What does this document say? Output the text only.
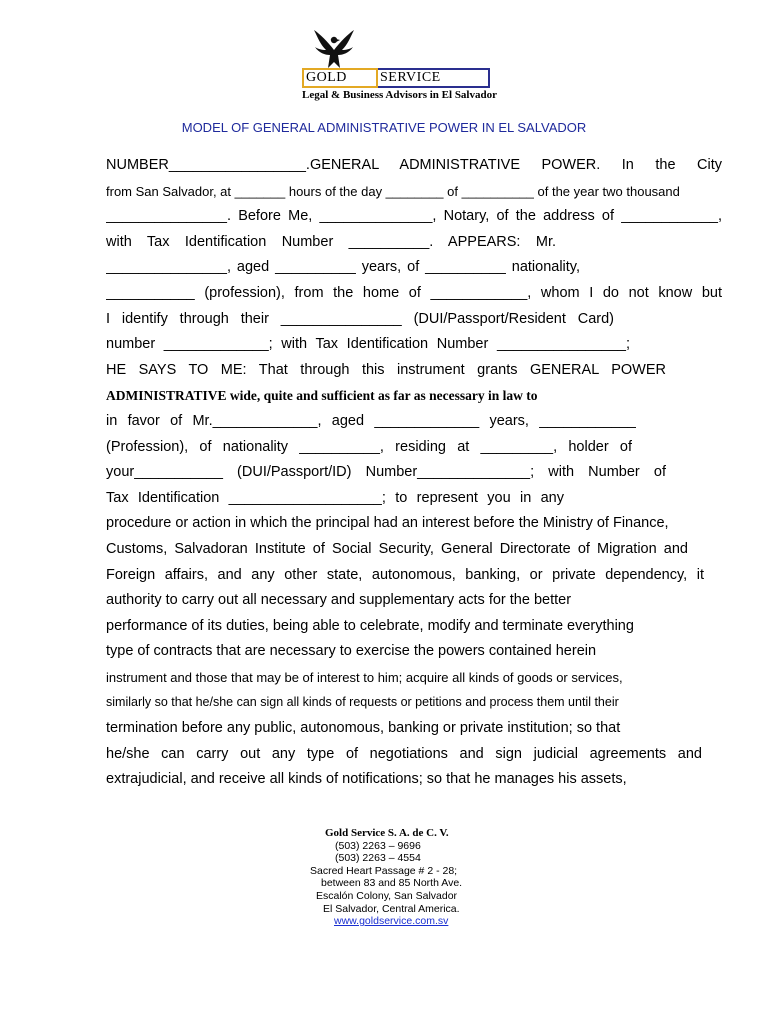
GOLD SERVICE
Legal & Business Advisors in El Salvador
MODEL OF GENERAL ADMINISTRATIVE POWER IN EL SALVADOR
NUMBER_________________.GENERAL ADMINISTRATIVE POWER. In the City
from San Salvador, at _______ hours of the day ________ of __________ of the year two thousand
_______________. Before Me, ______________, Notary, of the address of ____________,
with Tax Identification Number __________. APPEARS: Mr.
_______________, aged __________ years, of __________ nationality,
___________ (profession), from the home of ____________, whom I do not know but
I identify through their _______________ (DUI/Passport/Resident Card)
number _____________; with Tax Identification Number ________________;
HE SAYS TO ME: That through this instrument grants GENERAL POWER
ADMINISTRATIVE wide, quite and sufficient as far as necessary in law to
in favor of Mr._____________, aged _____________ years, ____________
(Profession), of nationality __________, residing at _________, holder of
your___________ (DUI/Passport/ID) Number______________; with Number of
Tax Identification ___________________; to represent you in any
procedure or action in which the principal had an interest before the Ministry of Finance,
Customs, Salvadoran Institute of Social Security, General Directorate of Migration and
Foreign affairs, and any other state, autonomous, banking, or private dependency, it
authority to carry out all necessary and supplementary acts for the better
performance of its duties, being able to celebrate, modify and terminate everything
type of contracts that are necessary to exercise the powers contained herein
instrument and those that may be of interest to him; acquire all kinds of goods or services,
similarly so that he/she can sign all kinds of requests or petitions and process them until their
termination before any public, autonomous, banking or private institution; so that
he/she can carry out any type of negotiations and sign judicial agreements and
extrajudicial, and receive all kinds of notifications; so that he manages his assets,
Gold Service S. A. de C. V.
(503) 2263 – 9696
(503) 2263 – 4554
Sacred Heart Passage # 2 - 28;
between 83 and 85 North Ave.
Escalón Colony, San Salvador
El Salvador, Central America.
www.goldservice.com.sv
